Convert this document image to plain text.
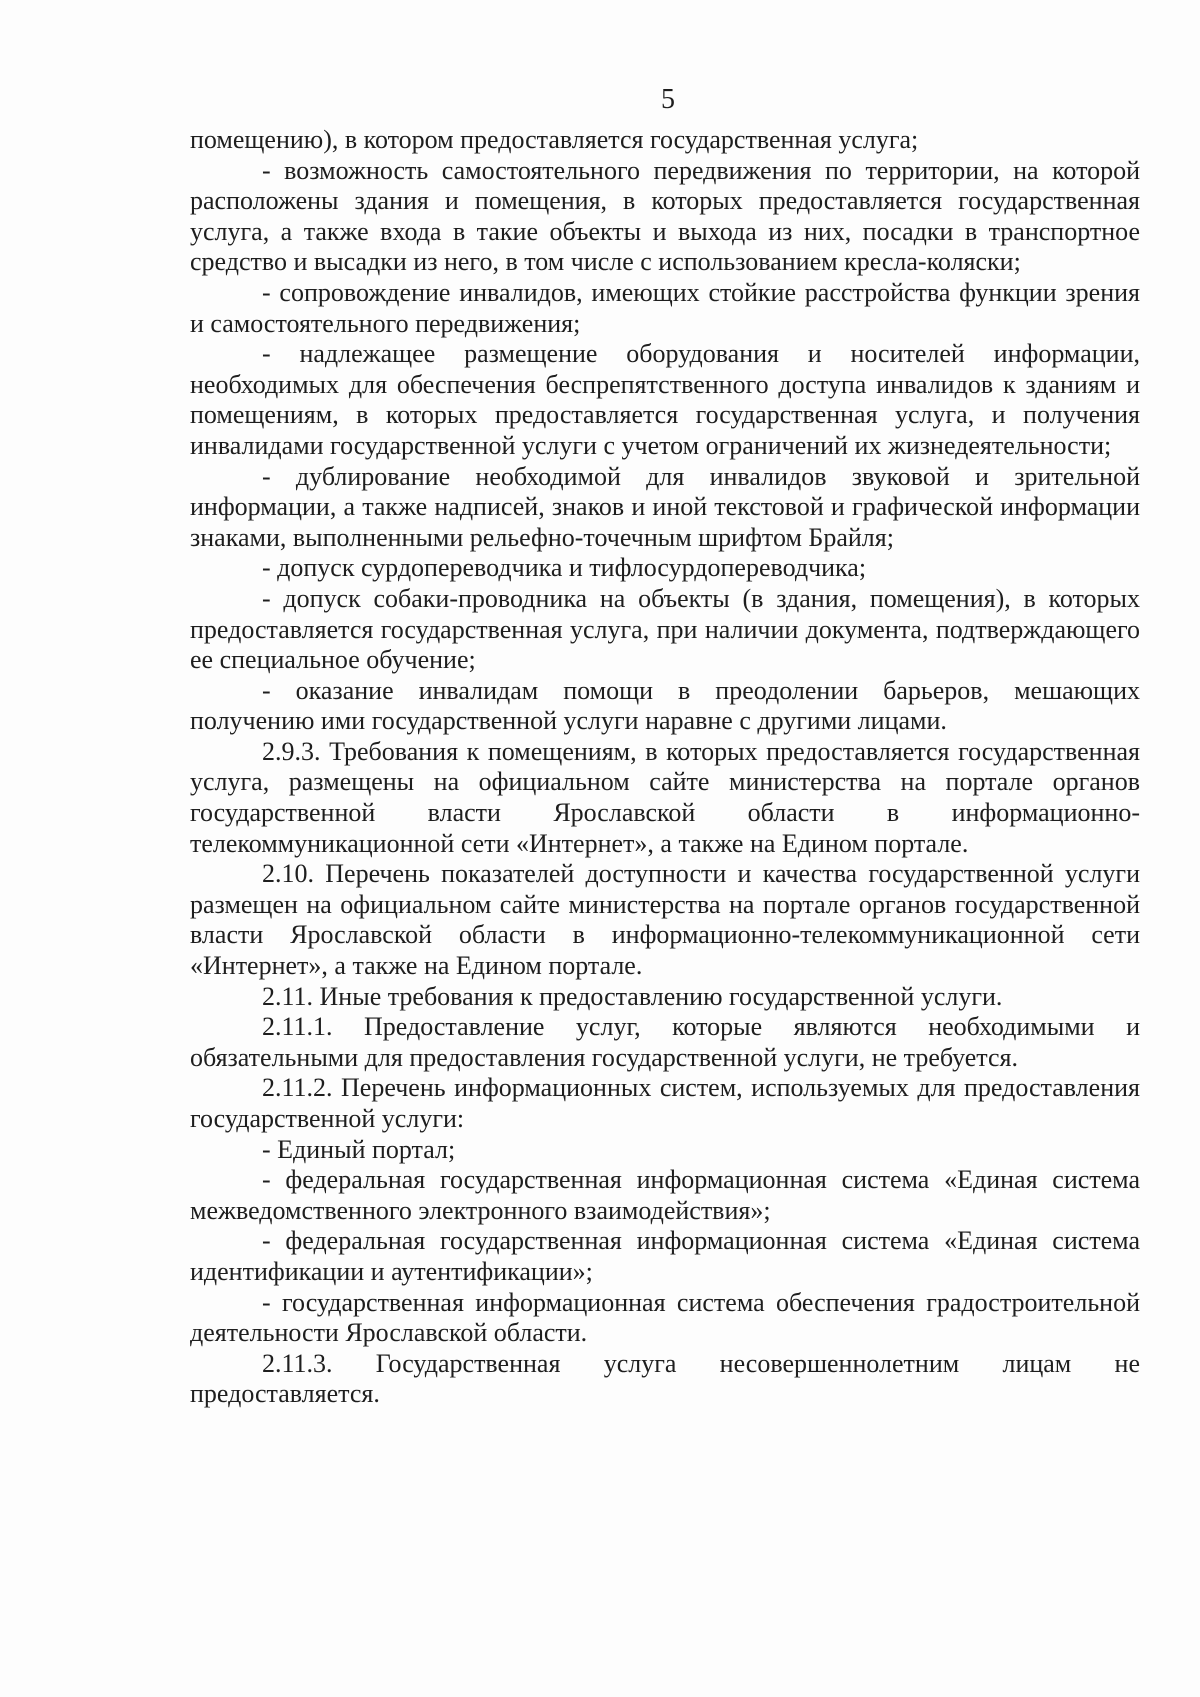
5

помещению), в котором предоставляется государственная услуга;

- возможность самостоятельного передвижения по территории, на которой расположены здания и помещения, в которых предоставляется государственная услуга, а также входа в такие объекты и выхода из них, посадки в транспортное средство и высадки из него, в том числе с использованием кресла-коляски;

- сопровождение инвалидов, имеющих стойкие расстройства функции зрения и самостоятельного передвижения;

- надлежащее размещение оборудования и носителей информации, необходимых для обеспечения беспрепятственного доступа инвалидов к зданиям и помещениям, в которых предоставляется государственная услуга, и получения инвалидами государственной услуги с учетом ограничений их жизнедеятельности;

- дублирование необходимой для инвалидов звуковой и зрительной информации, а также надписей, знаков и иной текстовой и графической информации знаками, выполненными рельефно-точечным шрифтом Брайля;

- допуск сурдопереводчика и тифлосурдопереводчика;

- допуск собаки-проводника на объекты (в здания, помещения), в которых предоставляется государственная услуга, при наличии документа, подтверждающего ее специальное обучение;

- оказание инвалидам помощи в преодолении барьеров, мешающих получению ими государственной услуги наравне с другими лицами.

2.9.3. Требования к помещениям, в которых предоставляется государственная услуга, размещены на официальном сайте министерства на портале органов государственной власти Ярославской области в информационно-телекоммуникационной сети «Интернет», а также на Едином портале.

2.10. Перечень показателей доступности и качества государственной услуги размещен на официальном сайте министерства на портале органов государственной власти Ярославской области в информационно-телекоммуникационной сети «Интернет», а также на Едином портале.

2.11. Иные требования к предоставлению государственной услуги.

2.11.1. Предоставление услуг, которые являются необходимыми и обязательными для предоставления государственной услуги, не требуется.

2.11.2. Перечень информационных систем, используемых для предоставления государственной услуги:

- Единый портал;

- федеральная государственная информационная система «Единая система межведомственного электронного взаимодействия»;

- федеральная государственная информационная система «Единая система идентификации и аутентификации»;

- государственная информационная система обеспечения градостроительной деятельности Ярославской области.

2.11.3. Государственная услуга несовершеннолетним лицам не предоставляется.
